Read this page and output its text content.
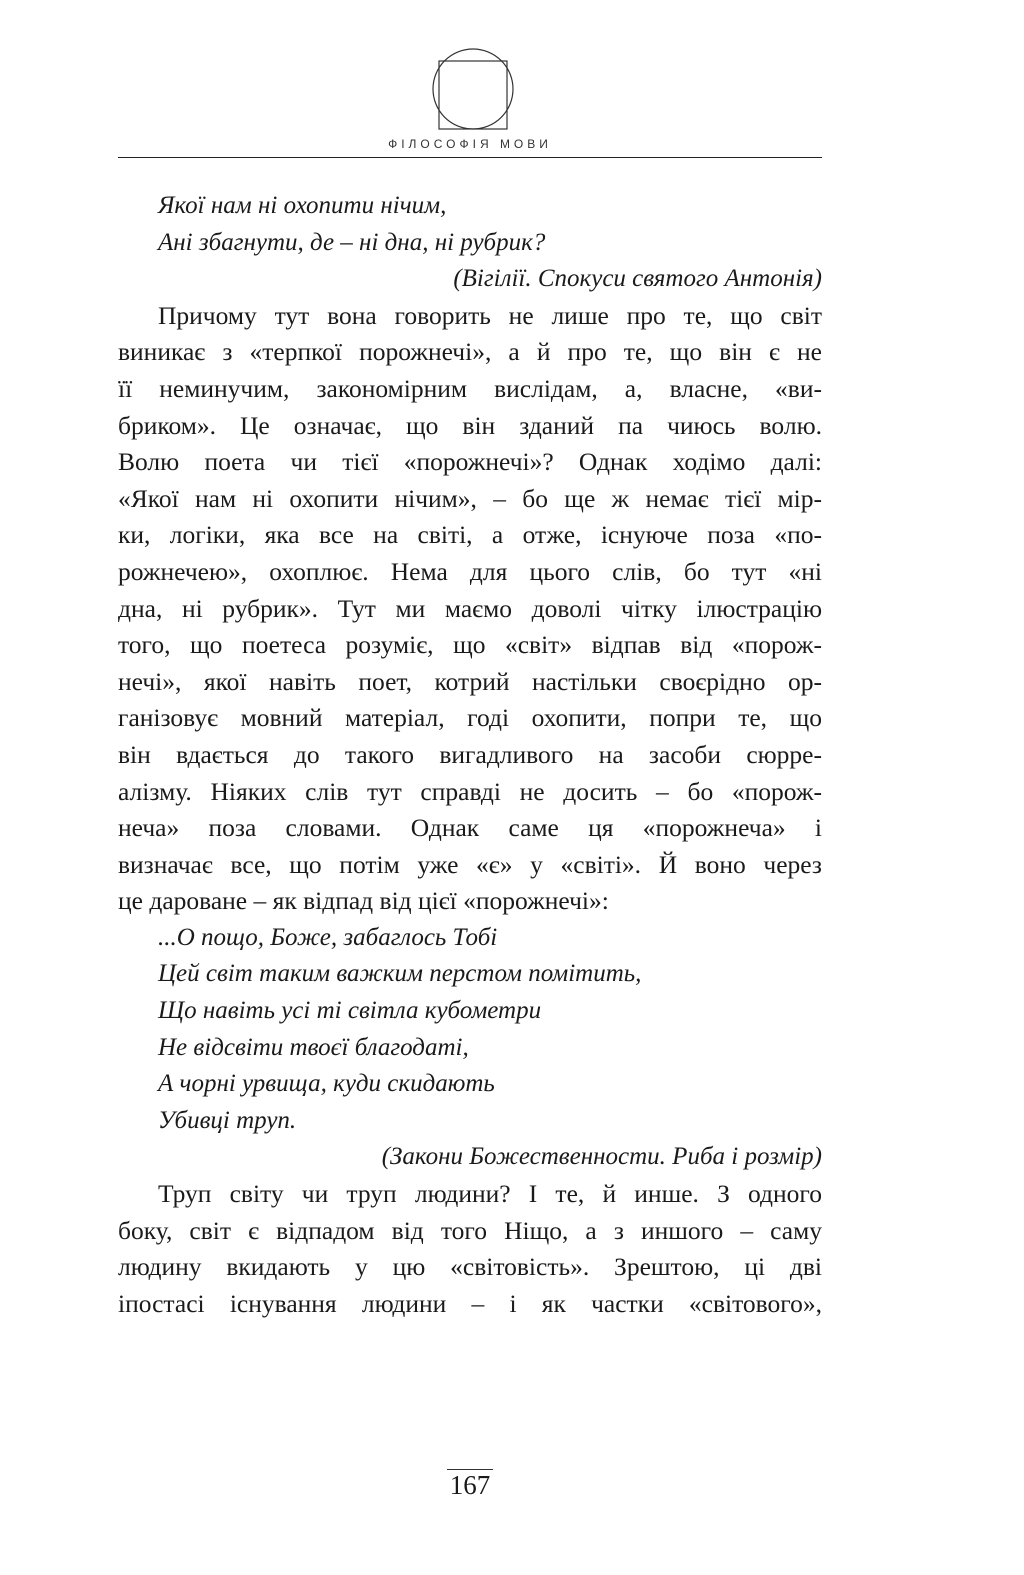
ФІЛОСОФІЯ МОВИ
Якої нам ні охопити нічим,
Ані збагнути, де – ні дна, ні рубрик?
(Вігілії. Спокуси святого Антонія)
Причому тут вона говорить не лише про те, що світ
виникає з «терпкої порожнечі», а й про те, що він є не
її неминучим, закономірним вислідам, а, власне, «ви-
бриком». Це означає, що він зданий па чиюсь волю.
Волю поета чи тієї «порожнечі»? Однак ходімо далі:
«Якої нам ні охопити нічим», – бо ще ж немає тієї мір-
ки, логіки, яка все на світі, а отже, існуюче поза «по-
рожнечею», охоплює. Нема для цього слів, бо тут «ні
дна, ні рубрик». Тут ми маємо доволі чітку ілюстрацію
того, що поетеса розуміє, що «світ» відпав від «порож-
нечі», якої навіть поет, котрий настільки своєрідно ор-
ганізовує мовний матеріал, годі охопити, попри те, що
він вдається до такого вигадливого на засоби сюрре-
алізму. Ніяких слів тут справді не досить – бо «порож-
неча» поза словами. Однак саме ця «порожнеча» і
визначає все, що потім уже «є» у «світі». Й воно через
це дароване – як відпад від цієї «порожнечі»:
...О пощо, Боже, забаглось Тобі
Цей світ таким важким перстом помітить,
Що навіть усі ті світла кубометри
Не відсвіти твоєї благодаті,
А чорні урвища, куди скидають
Убивці труп.
(Закони Божественности. Риба і розмір)
Труп світу чи труп людини? І те, й инше. З одного
боку, світ є відпадом від того Ніщо, а з иншого – саму
людину вкидають у цю «світовість». Зрештою, ці дві
іпостасі існування людини – і як частки «світового»,
167
